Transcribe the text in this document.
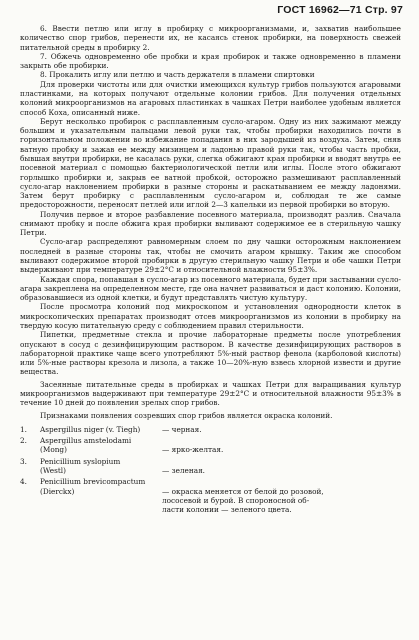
ГОСТ 16962—71 Стр. 97

6. Ввести петлю или иглу в пробирку с микроорганизмами, и, захватив наибольшее количество спор грибов, перенести их, не касаясь стенок пробирки, на поверхность свежей питательной среды в пробирку 2.

7. Обжечь одновременно обе пробки и края пробирок и также одновременно в пламени закрыть обе пробирки.

8. Прокалить иглу или петлю и часть держателя в пламени спиртовки

Для проверки чистоты или для очистки имеющихся культур грибов пользуются агаровыми пластинками, на которых получают отдельные колонии грибов. Для получения отдельных колоний микроорганизмов на агаровых пластинках в чашках Петри наиболее удобным является способ Коха, описанный ниже.

Берут несколько пробирок с расплавленным сусло-агаром. Одну из них зажимают между большим и указательным пальцами левой руки так, чтобы пробирки находились почти в горизонтальном положении во избежание попадания в них зародышей из воздуха. Затем, сняв ватную пробку и зажав ее между мизинцем и ладонью правой руки так, чтобы часть пробки, бывшая внутри пробирки, не касалась руки, слегка обжигают края пробирки и вводят внутрь ее посевной материал с помощью бактериологической петли или иглы. После этого обжигают горлышко пробирки и, закрыв ее ватной пробкой, осторожно размешивают расплавленный сусло-агар наклонением пробирки в разные стороны и раскатыванием ее между ладонями. Затем берут пробирку с расплавленным сусло-агаром и, соблюдая те же самые предосторожности, переносят петлей или иглой 2—3 капельки из первой пробирки во вторую.

Получив первое и второе разбавление посевного материала, производят разлив. Сначала снимают пробку и после обжига края пробирки выливают содержимое ее в стерильную чашку Петри.

Сусло-агар распределяют равномерным слоем по дну чашки осторожным наклонением последней в разные стороны так, чтобы не смочить агаром крышку. Таким же способом выливают содержимое второй пробирки в другую стерильную чашку Петри и обе чашки Петри выдерживают при температуре 29±2°С и относительной влажности 95±3%.

Каждая спора, попавшая в сусло-агар из посевного материала, будет при застывании сусло-агара закреплена на определенном месте, где она начнет развиваться и даст колонию. Колонии, образовавшиеся из одной клетки, и будут представлять чистую культуру.

После просмотра колоний под микроскопом и установления однородности клеток в микроскопических препаратах производят отсев микроорганизмов из колонии в пробирку на твердую косую питательную среду с соблюдением правил стерильности.

Пипетки, предметные стекла и прочие лабораторные предметы после употребления опускают в сосуд с дезинфицирующим раствором. В качестве дезинфицирующих растворов в лабораторной практике чаще всего употребляют 5%-ный раствор фенола (карболовой кислоты) или 5%-ные растворы крезола и лизола, а также 10—20%-ную взвесь хлорной извести и другие вещества.

Засеянные питательные среды в пробирках и чашках Петри для выращивания культур микроорганизмов выдерживают при температуре 29±2°С и относительной влажности 95±3% в течение 10 дней до появления зрелых спор грибов.

Признаками появления созревших спор грибов является окраска колоний.

1.	Aspergillus niger (v. Tiegh)	— черная.
2.	Aspergillus amstelodami
(Mong)
	— ярко-желтая.
3.	Penicillium syslopium
(Westl)
	— зеленая.
4.	Penicillium brevicompactum
(Dierckx)
	— окраска меняется от белой до розовой,
лососевой и бурой. В спороносной об-
ласти колонии — зеленого цвета.
